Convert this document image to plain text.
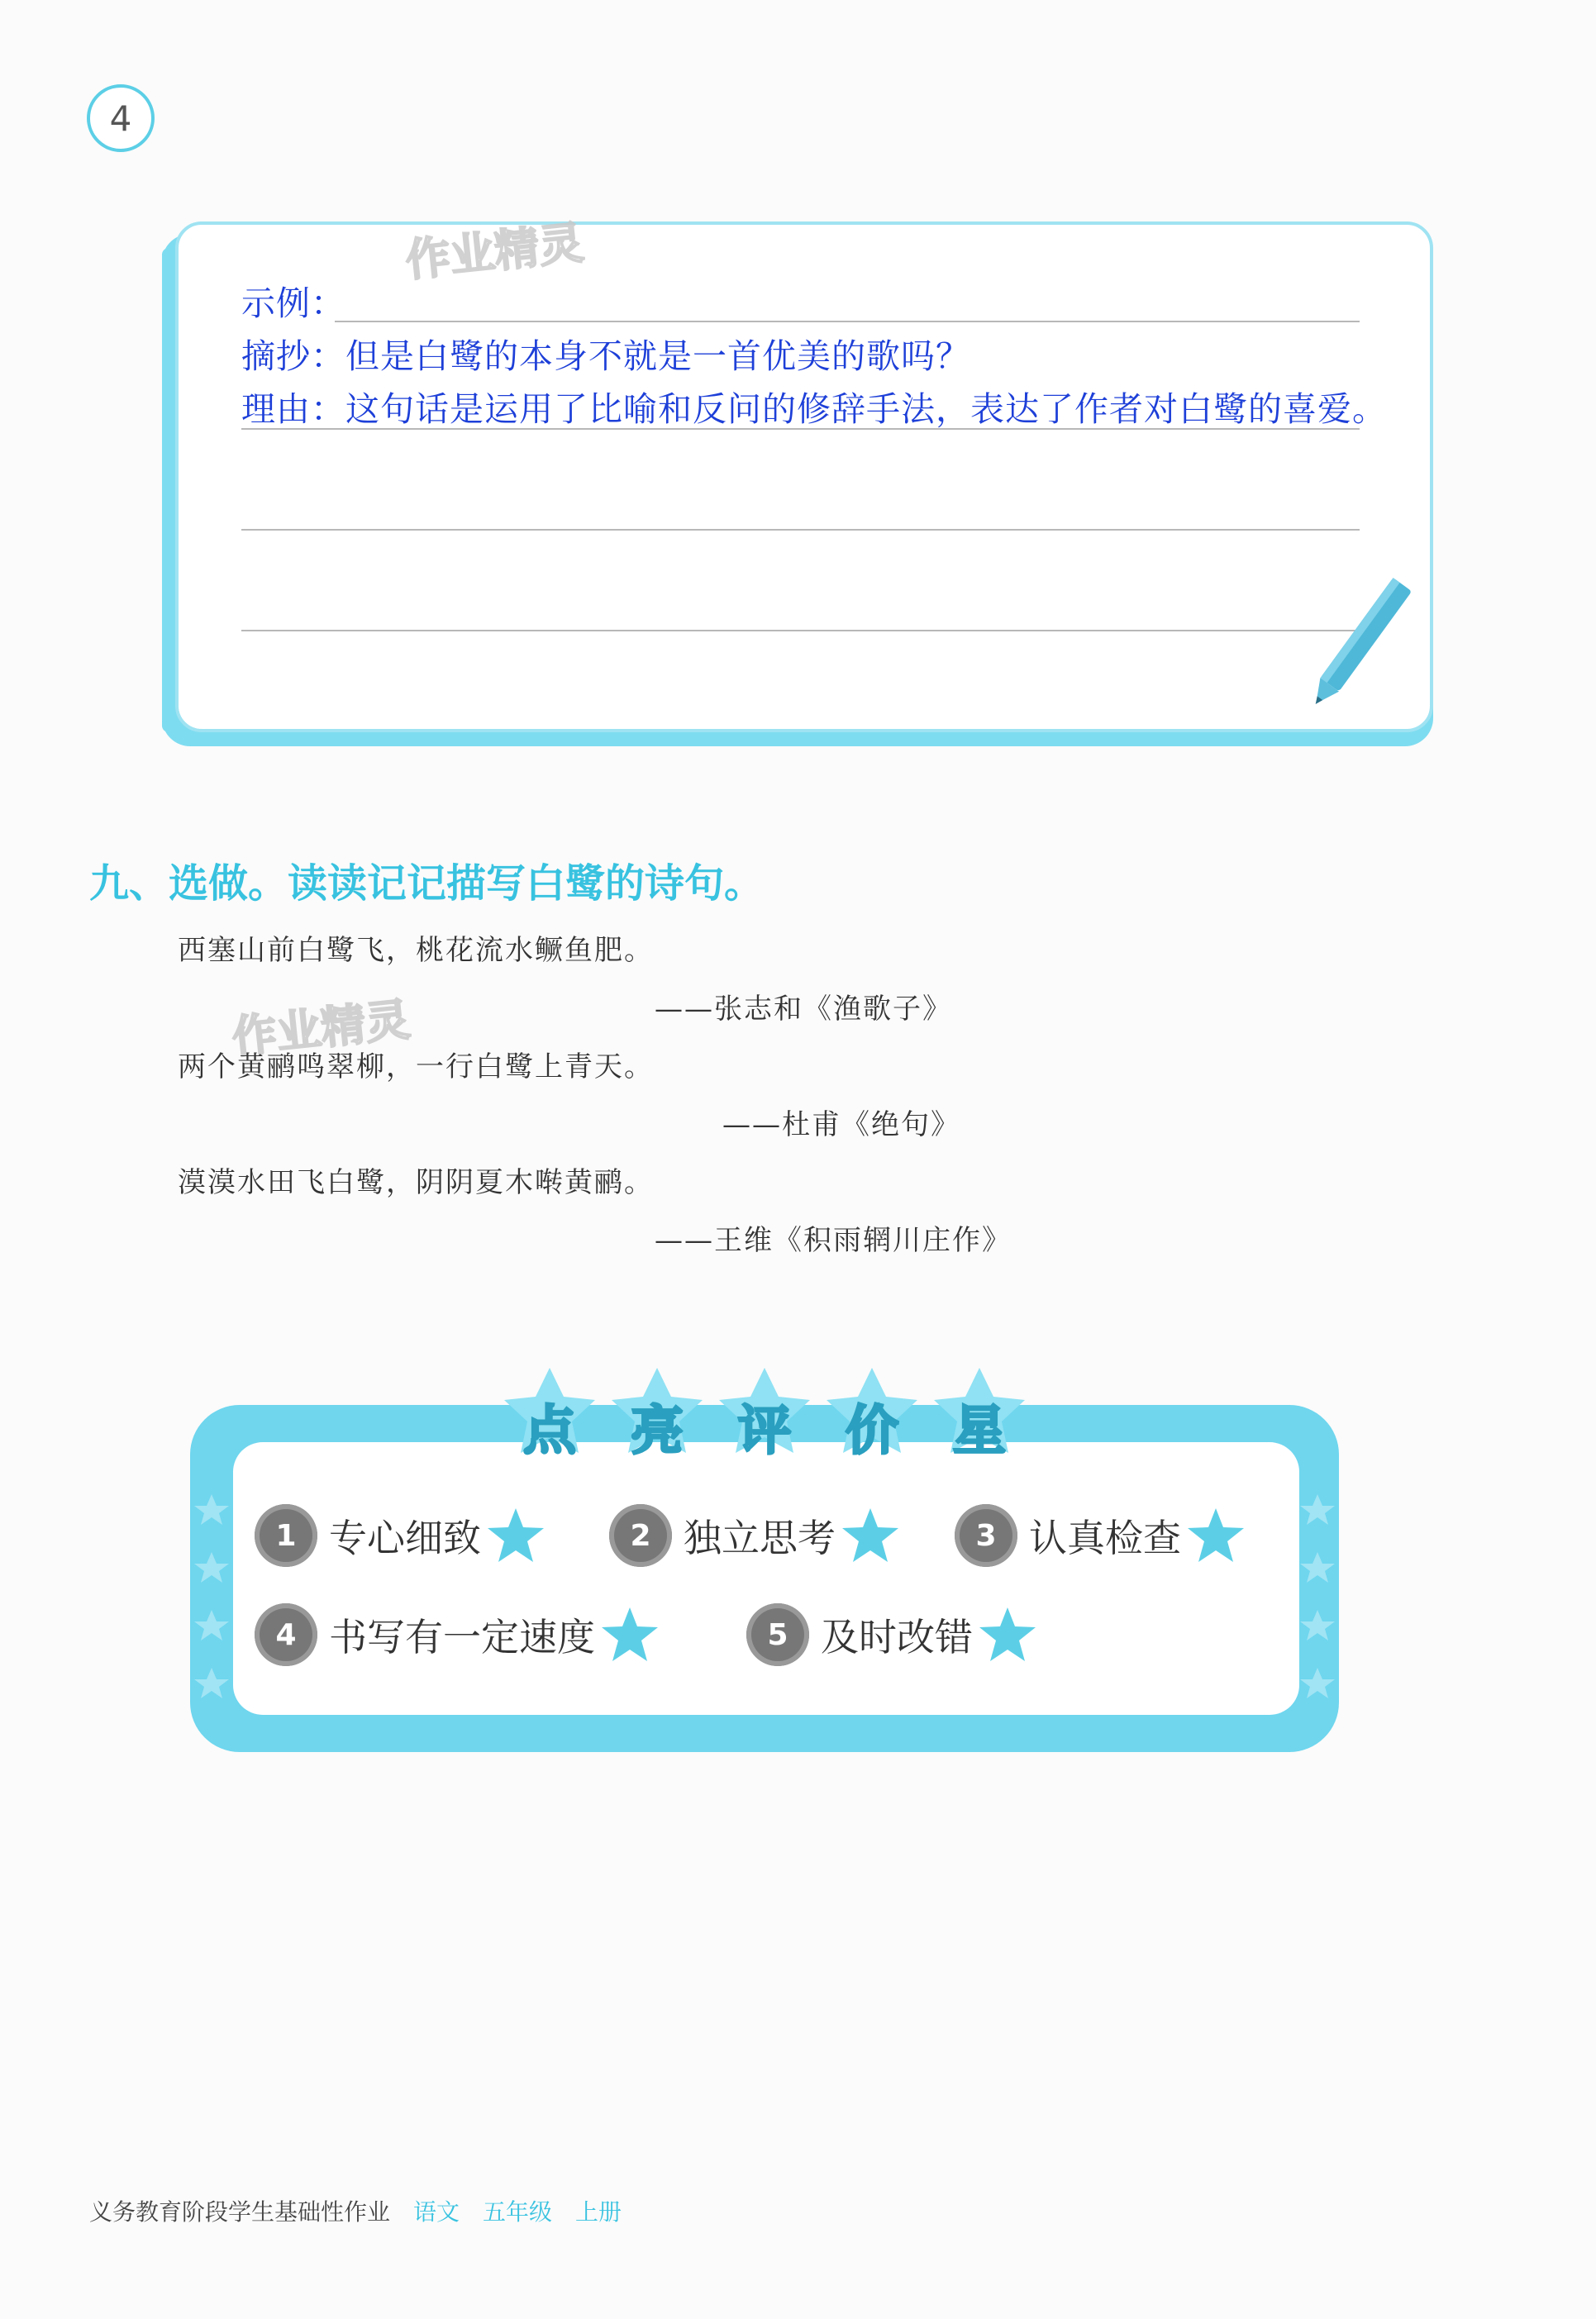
4
作业精灵
示例：
摘抄：但是白鹭的本身不就是一首优美的歌吗？
理由：这句话是运用了比喻和反问的修辞手法，表达了作者对白鹭的喜爱。
九、选做。读读记记描写白鹭的诗句。
西塞山前白鹭飞，桃花流水鳜鱼肥。
——张志和《渔歌子》
作业精灵
两个黄鹂鸣翠柳，一行白鹭上青天。
——杜甫《绝句》
漠漠水田飞白鹭，阴阴夏木啭黄鹂。
——王维《积雨辋川庄作》
点 亮 评 价 星
1 专心细致	2 独立思考	3 认真检查
4 书写有一定速度	5 及时改错
义务教育阶段学生基础性作业 语文 五年级 上册
